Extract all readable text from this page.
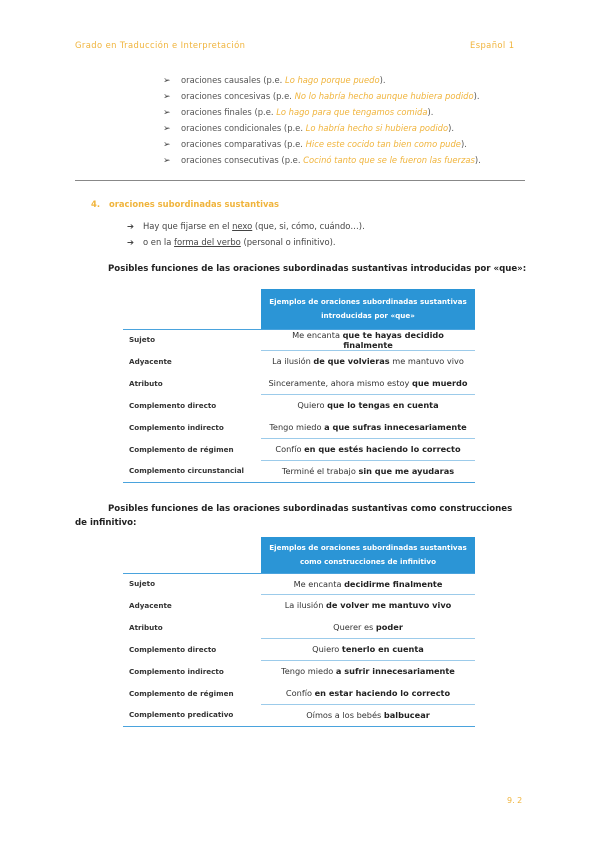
Grado en Traducción e Interpretación	Español 1
➢ oraciones causales (p.e. Lo hago porque puedo).
➢ oraciones concesivas (p.e. No lo habría hecho aunque hubiera podido).
➢ oraciones finales (p.e. Lo hago para que tengamos comida).
➢ oraciones condicionales (p.e. Lo habría hecho si hubiera podido).
➢ oraciones comparativas (p.e. Hice este cocido tan bien como pude).
➢ oraciones consecutivas (p.e. Cocinó tanto que se le fueron las fuerzas).
4. oraciones subordinadas sustantivas
➔ Hay que fijarse en el nexo (que, si, cómo, cuándo…).
➔ o en la forma del verbo (personal o infinitivo).
Posibles funciones de las oraciones subordinadas sustantivas introducidas por «que»:
	Ejemplos de oraciones subordinadas sustantivas introducidas por «que»
Sujeto	Me encanta que te hayas decidido finalmente
Adyacente	La ilusión de que volvieras me mantuvo vivo
Atributo	Sinceramente, ahora mismo estoy que muerdo
Complemento directo	Quiero que lo tengas en cuenta
Complemento indirecto	Tengo miedo a que sufras innecesariamente
Complemento de régimen	Confío en que estés haciendo lo correcto
Complemento circunstancial	Terminé el trabajo sin que me ayudaras
Posibles funciones de las oraciones subordinadas sustantivas como construcciones de infinitivo:
	Ejemplos de oraciones subordinadas sustantivas como construcciones de infinitivo
Sujeto	Me encanta decidirme finalmente
Adyacente	La ilusión de volver me mantuvo vivo
Atributo	Querer es poder
Complemento directo	Quiero tenerlo en cuenta
Complemento indirecto	Tengo miedo a sufrir innecesariamente
Complemento de régimen	Confío en estar haciendo lo correcto
Complemento predicativo	Oímos a los bebés balbucear
9. 2
